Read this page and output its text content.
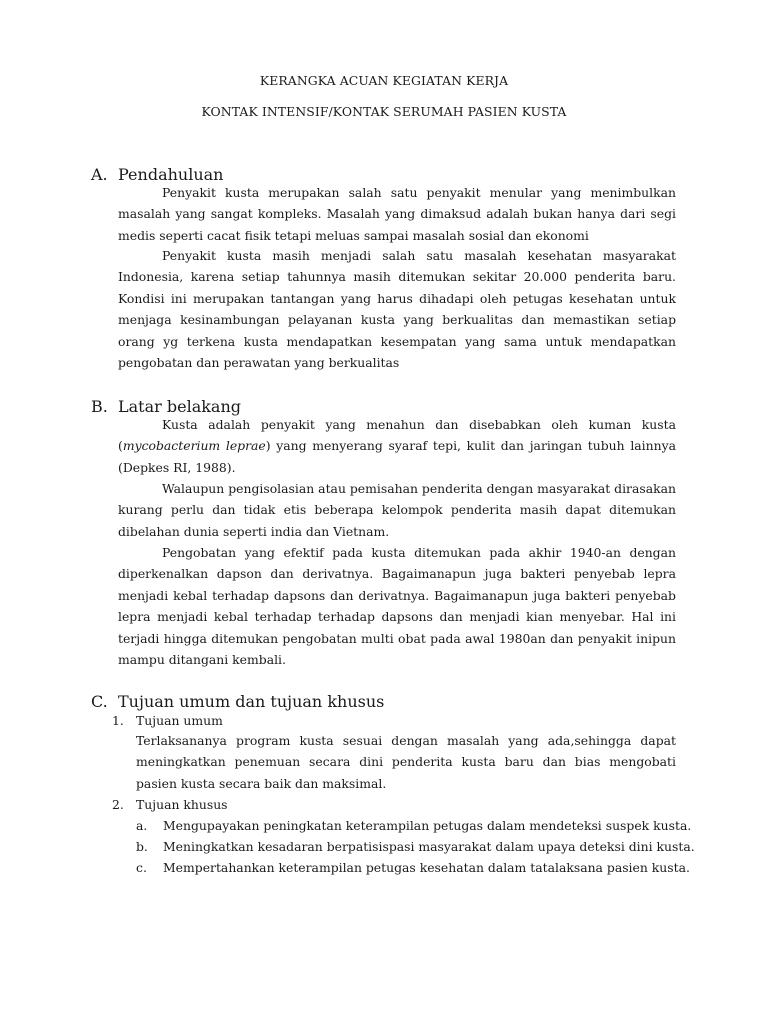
KERANGKA ACUAN KEGIATAN KERJA
KONTAK INTENSIF/KONTAK SERUMAH PASIEN KUSTA
A. Pendahuluan

Penyakit kusta merupakan salah satu penyakit menular yang menimbulkan masalah yang sangat kompleks. Masalah yang dimaksud adalah bukan hanya dari segi medis seperti cacat fisik tetapi meluas sampai masalah sosial dan ekonomi

Penyakit kusta masih menjadi salah satu masalah kesehatan masyarakat Indonesia, karena setiap tahunnya masih ditemukan sekitar 20.000 penderita baru. Kondisi ini merupakan tantangan yang harus dihadapi oleh petugas kesehatan untuk menjaga kesinambungan pelayanan kusta yang berkualitas dan memastikan setiap orang yg terkena kusta mendapatkan kesempatan yang sama untuk mendapatkan pengobatan dan perawatan yang berkualitas

B. Latar belakang

Kusta adalah penyakit yang menahun dan disebabkan oleh kuman kusta (mycobacterium leprae) yang menyerang syaraf tepi, kulit dan jaringan tubuh lainnya (Depkes RI, 1988).

Walaupun pengisolasian atau pemisahan penderita dengan masyarakat dirasakan kurang perlu dan tidak etis beberapa kelompok penderita masih dapat ditemukan dibelahan dunia seperti india dan Vietnam.

Pengobatan yang efektif pada kusta ditemukan pada akhir 1940-an dengan diperkenalkan dapson dan derivatnya. Bagaimanapun juga bakteri penyebab lepra menjadi kebal terhadap dapsons dan derivatnya. Bagaimanapun juga bakteri penyebab lepra menjadi kebal terhadap terhadap dapsons dan menjadi kian menyebar. Hal ini terjadi hingga ditemukan pengobatan multi obat pada awal 1980an dan penyakit inipun mampu ditangani kembali.

C. Tujuan umum dan tujuan khusus
1. Tujuan umum

Terlaksananya program kusta sesuai dengan masalah yang ada,sehingga dapat meningkatkan penemuan secara dini penderita kusta baru dan bias mengobati pasien kusta secara baik dan maksimal.

2. Tujuan khusus
a. Mengupayakan peningkatan keterampilan petugas dalam mendeteksi suspek kusta.
b. Meningkatkan kesadaran berpatisispasi masyarakat dalam upaya deteksi dini kusta.
c. Mempertahankan keterampilan petugas kesehatan dalam tatalaksana pasien kusta.
